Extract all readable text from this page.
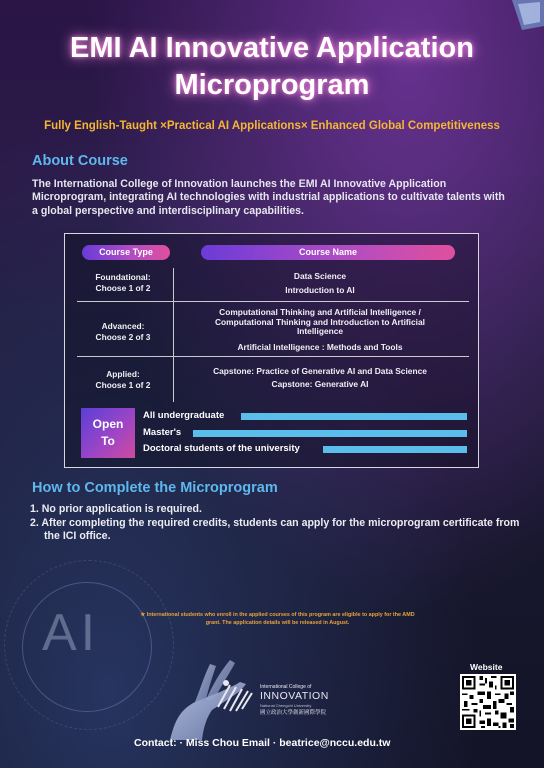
EMI AI Innovative Application
Microprogram
Fully English-Taught ×Practical AI Applications× Enhanced Global Competitiveness
About Course
The International College of Innovation launches the EMI AI Innovative Application Microprogram, integrating AI technologies with industrial applications to cultivate talents with a global perspective and interdisciplinary capabilities.
Course Type	Course Name
Foundational:
Choose 1 of 2
Data Science
Introduction to AI
Advanced:
Choose 2 of 3
Computational Thinking and Artificial Intelligence /
Computational Thinking and Introduction to Artificial
Intelligence
Artificial Intelligence : Methods and Tools
Applied:
Choose 1 of 2
Capstone: Practice of Generative AI and Data Science
Capstone: Generative AI
Open
To
All undergraduate
Master's
Doctoral students of the university
How to Complete the Microprogram
1. No prior application is required.
2. After completing the required credits, students can apply for the microprogram certificate from the ICI office.
AI	★ International students who enroll in the applied courses of this program are eligible to apply for the AMD grant. The application details will be released in August.
International College of
INNOVATION
National Chengchi University
國立政治大學創新國際學院
Website
Contact: · Miss Chou Email · beatrice@nccu.edu.tw
